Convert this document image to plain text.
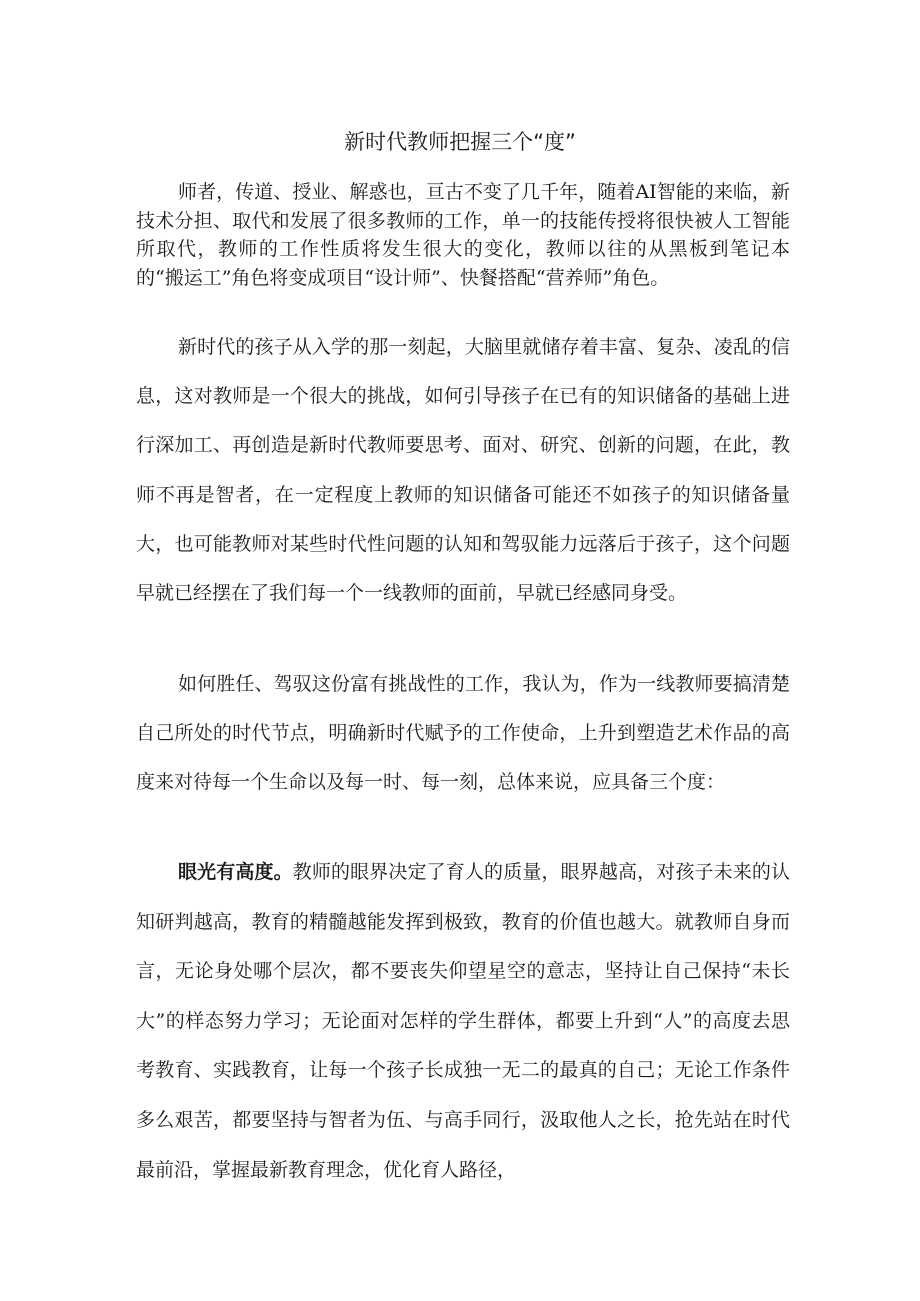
新时代教师把握三个“度”

师者，传道、授业、解惑也，亘古不变了几千年，随着AI智能的来临，新技术分担、取代和发展了很多教师的工作，单一的技能传授将很快被人工智能所取代，教师的工作性质将发生很大的变化，教师以往的从黑板到笔记本的“搬运工”角色将变成项目“设计师”、快餐搭配“营养师”角色。

新时代的孩子从入学的那一刻起，大脑里就储存着丰富、复杂、凌乱的信息，这对教师是一个很大的挑战，如何引导孩子在已有的知识储备的基础上进行深加工、再创造是新时代教师要思考、面对、研究、创新的问题，在此，教师不再是智者，在一定程度上教师的知识储备可能还不如孩子的知识储备量大，也可能教师对某些时代性问题的认知和驾驭能力远落后于孩子，这个问题早就已经摆在了我们每一个一线教师的面前，早就已经感同身受。

如何胜任、驾驭这份富有挑战性的工作，我认为，作为一线教师要搞清楚自己所处的时代节点，明确新时代赋予的工作使命，上升到塑造艺术作品的高度来对待每一个生命以及每一时、每一刻，总体来说，应具备三个度：

眼光有高度。教师的眼界决定了育人的质量，眼界越高，对孩子未来的认知研判越高，教育的精髓越能发挥到极致，教育的价值也越大。就教师自身而言，无论身处哪个层次，都不要丧失仰望星空的意志，坚持让自己保持“未长大”的样态努力学习；无论面对怎样的学生群体，都要上升到“人”的高度去思考教育、实践教育，让每一个孩子长成独一无二的最真的自己；无论工作条件多么艰苦，都要坚持与智者为伍、与高手同行，汲取他人之长，抢先站在时代最前沿，掌握最新教育理念，优化育人路径，
